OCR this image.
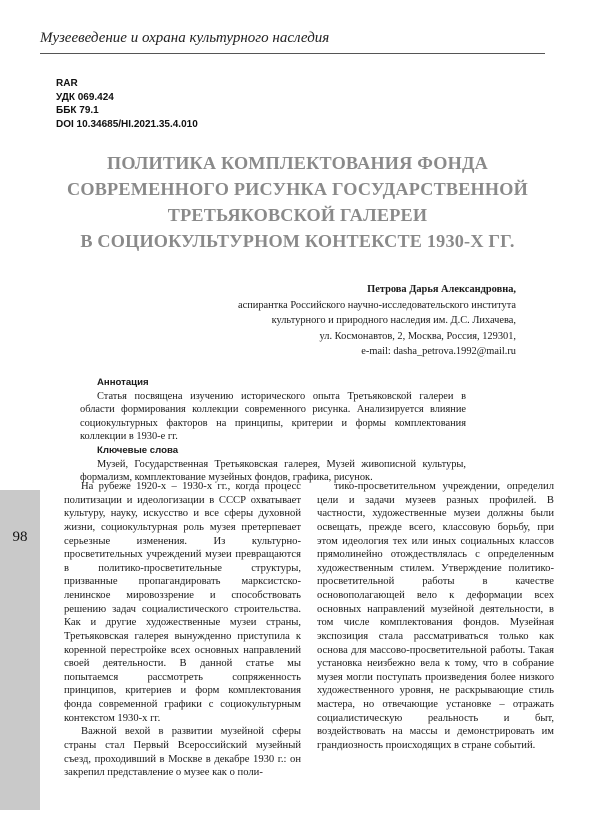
Музееведение и охрана культурного наследия
RAR
УДК 069.424
ББК 79.1
DOI 10.34685/HI.2021.35.4.010
ПОЛИТИКА КОМПЛЕКТОВАНИЯ ФОНДА
СОВРЕМЕННОГО РИСУНКА ГОСУДАРСТВЕННОЙ
ТРЕТЬЯКОВСКОЙ ГАЛЕРЕИ
В СОЦИОКУЛЬТУРНОМ КОНТЕКСТЕ 1930-Х ГГ.
Петрова Дарья Александровна,
аспирантка Российского научно-исследовательского института
культурного и природного наследия им. Д.С. Лихачева,
ул. Космонавтов, 2, Москва, Россия, 129301,
e-mail: dasha_petrova.1992@mail.ru
Аннотация
Статья посвящена изучению исторического опыта Третьяковской галереи в области формирования коллекции современного рисунка. Анализируется влияние социокультурных факторов на принципы, критерии и формы комплектования коллекции в 1930-е гг.
Ключевые слова
Музей, Государственная Третьяковская галерея, Музей живописной культуры, формализм, комплектование музейных фондов, графика, рисунок.

На рубеже 1920-х – 1930-х гг., когда процесс политизации и идеологизации в СССР охватывает культуру, науку, искусство и все сферы духовной жизни, социокультурная роль музея претерпевает серьезные изменения. Из культурно-просветительных учреждений музеи превращаются в политико-просветительные структуры, призванные пропагандировать марксистско-ленинское мировоззрение и способствовать решению задач социалистического строительства. Как и другие художественные музеи страны, Третьяковская галерея вынужденно приступила к коренной перестройке всех основных направлений своей деятельности. В данной статье мы попытаемся рассмотреть сопряженность принципов, критериев и форм комплектования фонда современной графики с социокультурным контекстом 1930-х гг.

Важной вехой в развитии музейной сферы страны стал Первый Всероссийский музейный съезд, проходивший в Москве в декабре 1930 г.: он закрепил представление о музее как о поли-

тико-просветительном учреждении, определил цели и задачи музеев разных профилей. В частности, художественные музеи должны были освещать, прежде всего, классовую борьбу, при этом идеология тех или иных социальных классов прямолинейно отождествлялась с определенным художественным стилем. Утверждение политико-просветительной работы в качестве основополагающей вело к деформации всех основных направлений музейной деятельности, в том числе комплектования фондов. Музейная экспозиция стала рассматриваться только как основа для массово-просветительной работы. Такая установка неизбежно вела к тому, что в собрание музея могли поступать произведения более низкого художественного уровня, не раскрывающие стиль мастера, но отвечающие установке – отражать социалистическую реальность и быт, воздействовать на массы и демонстрировать им грандиозность происходящих в стране событий.

98
